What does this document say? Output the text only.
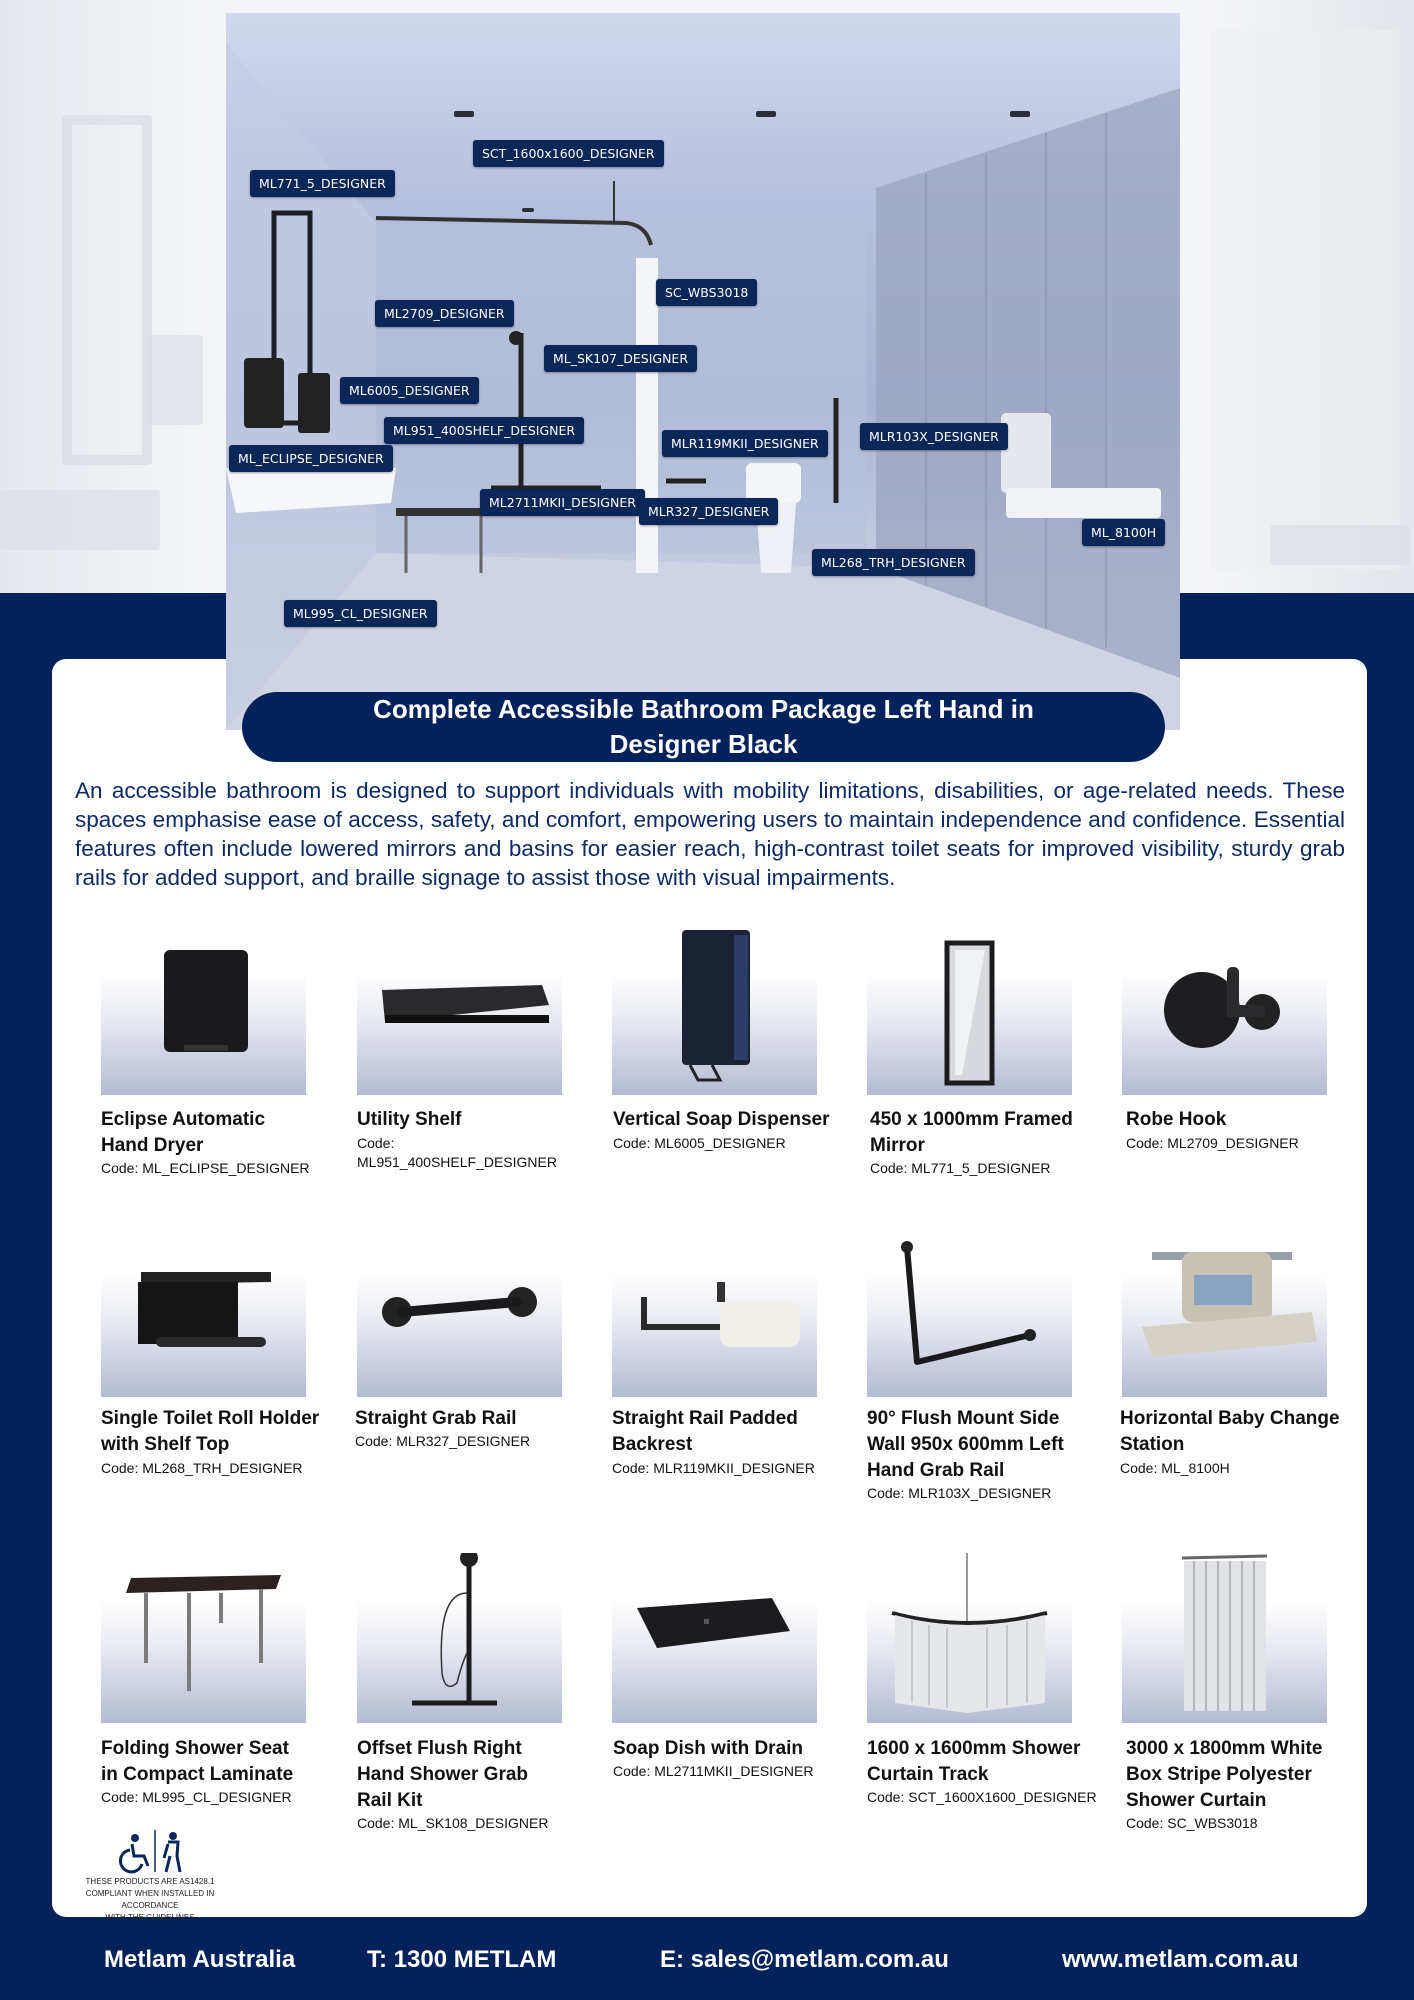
SCT_1600x1600_DESIGNER
ML771_5_DESIGNER
SC_WBS3018
ML2709_DESIGNER
ML_SK107_DESIGNER
ML6005_DESIGNER
ML951_400SHELF_DESIGNER
MLR119MKII_DESIGNER	MLR103X_DESIGNER
ML_ECLIPSE_DESIGNER
ML2711MKII_DESIGNER
MLR327_DESIGNER
ML_8100H
ML268_TRH_DESIGNER
ML995_CL_DESIGNER
Complete Accessible Bathroom Package Left Hand in Designer Black
An accessible bathroom is designed to support individuals with mobility limitations, disabilities, or age-related needs. These spaces emphasise ease of access, safety, and comfort, empowering users to maintain independence and confidence. Essential features often include lowered mirrors and basins for easier reach, high-contrast toilet seats for improved visibility, sturdy grab rails for added support, and braille signage to assist those with visual impairments.
Eclipse Automatic Hand Dryer
Code: ML_ECLIPSE_DESIGNER
Utility Shelf
Code: ML951_400SHELF_DESIGNER
Vertical Soap Dispenser
Code: ML6005_DESIGNER
450 x 1000mm Framed Mirror
Code: ML771_5_DESIGNER
Robe Hook
Code: ML2709_DESIGNER
Single Toilet Roll Holder with Shelf Top
Code: ML268_TRH_DESIGNER
Straight Grab Rail
Code: MLR327_DESIGNER
Straight Rail Padded Backrest
Code: MLR119MKII_DESIGNER
90° Flush Mount Side Wall 950x 600mm Left Hand Grab Rail
Code: MLR103X_DESIGNER
Horizontal Baby Change Station
Code: ML_8100H
Folding Shower Seat in Compact Laminate
Code: ML995_CL_DESIGNER
Offset Flush Right Hand Shower Grab Rail Kit
Code: ML_SK108_DESIGNER
Soap Dish with Drain
Code: ML2711MKII_DESIGNER
1600 x 1600mm Shower Curtain Track
Code: SCT_1600X1600_DESIGNER
3000 x 1800mm White Box Stripe Polyester Shower Curtain
Code: SC_WBS3018
THESE PRODUCTS ARE AS1428.1
COMPLIANT WHEN INSTALLED IN ACCORDANCE
WITH THE GUIDELINES
Metlam Australia	T: 1300 METLAM	E: sales@metlam.com.au	www.metlam.com.au
